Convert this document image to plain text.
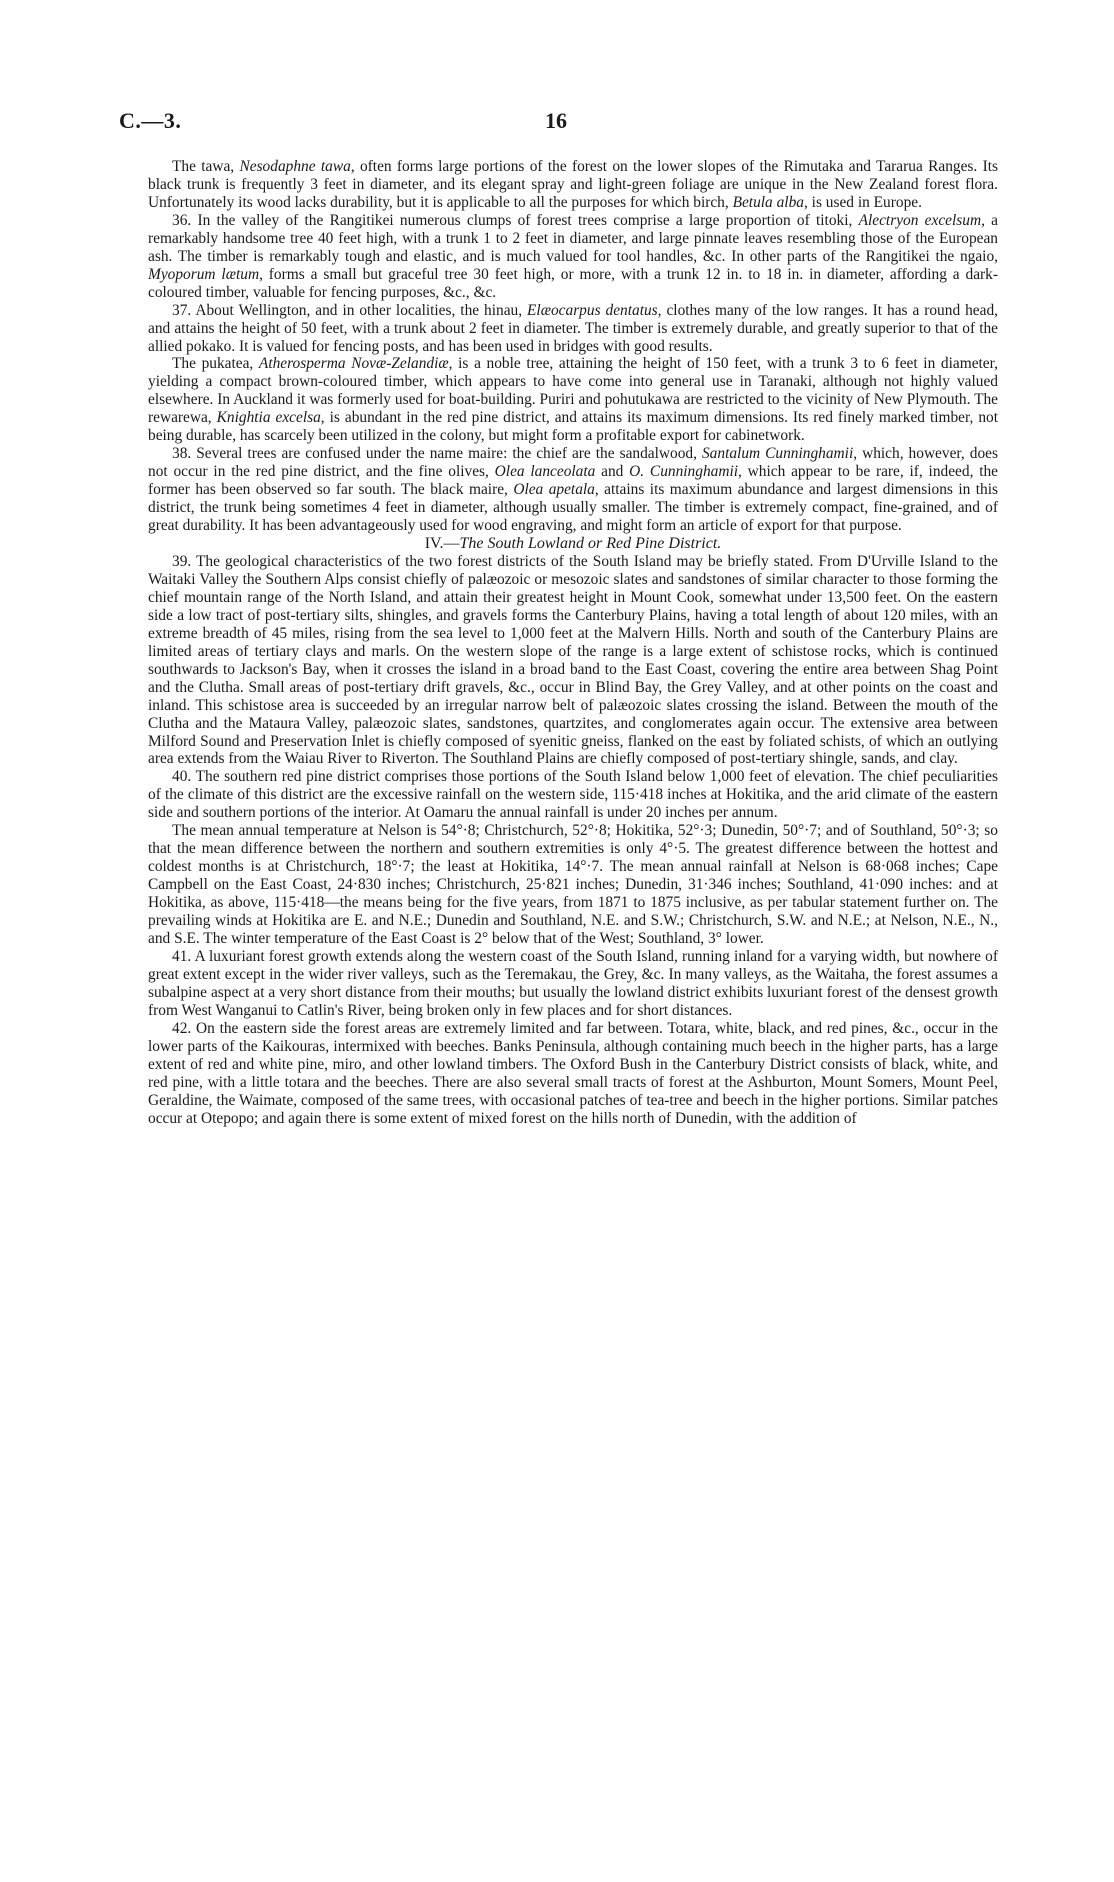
C.—3.	16

The tawa, Nesodaphne tawa, often forms large portions of the forest on the lower slopes of the Rimutaka and Tararua Ranges. Its black trunk is frequently 3 feet in diameter, and its elegant spray and light-green foliage are unique in the New Zealand forest flora. Unfortunately its wood lacks durability, but it is applicable to all the purposes for which birch, Betula alba, is used in Europe.

36. In the valley of the Rangitikei numerous clumps of forest trees comprise a large proportion of titoki, Alectryon excelsum, a remarkably handsome tree 40 feet high, with a trunk 1 to 2 feet in diameter, and large pinnate leaves resembling those of the European ash. The timber is remarkably tough and elastic, and is much valued for tool handles, &c. In other parts of the Rangitikei the ngaio, Myoporum lætum, forms a small but graceful tree 30 feet high, or more, with a trunk 12 in. to 18 in. in diameter, affording a dark-coloured timber, valuable for fencing purposes, &c., &c.

37. About Wellington, and in other localities, the hinau, Elæocarpus dentatus, clothes many of the low ranges. It has a round head, and attains the height of 50 feet, with a trunk about 2 feet in diameter. The timber is extremely durable, and greatly superior to that of the allied pokako. It is valued for fencing posts, and has been used in bridges with good results.

The pukatea, Atherosperma Novæ-Zelandiæ, is a noble tree, attaining the height of 150 feet, with a trunk 3 to 6 feet in diameter, yielding a compact brown-coloured timber, which appears to have come into general use in Taranaki, although not highly valued elsewhere. In Auckland it was formerly used for boat-building. Puriri and pohutukawa are restricted to the vicinity of New Plymouth. The rewarewa, Knightia excelsa, is abundant in the red pine district, and attains its maximum dimensions. Its red finely marked timber, not being durable, has scarcely been utilized in the colony, but might form a profitable export for cabinetwork.

38. Several trees are confused under the name maire: the chief are the sandalwood, Santalum Cunninghamii, which, however, does not occur in the red pine district, and the fine olives, Olea lanceolata and O. Cunninghamii, which appear to be rare, if, indeed, the former has been observed so far south. The black maire, Olea apetala, attains its maximum abundance and largest dimensions in this district, the trunk being sometimes 4 feet in diameter, although usually smaller. The timber is extremely compact, fine-grained, and of great durability. It has been advantageously used for wood engraving, and might form an article of export for that purpose.

IV.—The South Lowland or Red Pine District.

39. The geological characteristics of the two forest districts of the South Island may be briefly stated. From D'Urville Island to the Waitaki Valley the Southern Alps consist chiefly of palæozoic or mesozoic slates and sandstones of similar character to those forming the chief mountain range of the North Island, and attain their greatest height in Mount Cook, somewhat under 13,500 feet. On the eastern side a low tract of post-tertiary silts, shingles, and gravels forms the Canterbury Plains, having a total length of about 120 miles, with an extreme breadth of 45 miles, rising from the sea level to 1,000 feet at the Malvern Hills. North and south of the Canterbury Plains are limited areas of tertiary clays and marls. On the western slope of the range is a large extent of schistose rocks, which is continued southwards to Jackson's Bay, when it crosses the island in a broad band to the East Coast, covering the entire area between Shag Point and the Clutha. Small areas of post-tertiary drift gravels, &c., occur in Blind Bay, the Grey Valley, and at other points on the coast and inland. This schistose area is succeeded by an irregular narrow belt of palæozoic slates crossing the island. Between the mouth of the Clutha and the Mataura Valley, palæozoic slates, sandstones, quartzites, and conglomerates again occur. The extensive area between Milford Sound and Preservation Inlet is chiefly composed of syenitic gneiss, flanked on the east by foliated schists, of which an outlying area extends from the Waiau River to Riverton. The Southland Plains are chiefly composed of post-tertiary shingle, sands, and clay.

40. The southern red pine district comprises those portions of the South Island below 1,000 feet of elevation. The chief peculiarities of the climate of this district are the excessive rainfall on the western side, 115·418 inches at Hokitika, and the arid climate of the eastern side and southern portions of the interior. At Oamaru the annual rainfall is under 20 inches per annum.

The mean annual temperature at Nelson is 54°·8; Christchurch, 52°·8; Hokitika, 52°·3; Dunedin, 50°·7; and of Southland, 50°·3; so that the mean difference between the northern and southern extremities is only 4°·5. The greatest difference between the hottest and coldest months is at Christchurch, 18°·7; the least at Hokitika, 14°·7. The mean annual rainfall at Nelson is 68·068 inches; Cape Campbell on the East Coast, 24·830 inches; Christchurch, 25·821 inches; Dunedin, 31·346 inches; Southland, 41·090 inches: and at Hokitika, as above, 115·418—the means being for the five years, from 1871 to 1875 inclusive, as per tabular statement further on. The prevailing winds at Hokitika are E. and N.E.; Dunedin and Southland, N.E. and S.W.; Christchurch, S.W. and N.E.; at Nelson, N.E., N., and S.E. The winter temperature of the East Coast is 2° below that of the West; Southland, 3° lower.

41. A luxuriant forest growth extends along the western coast of the South Island, running inland for a varying width, but nowhere of great extent except in the wider river valleys, such as the Teremakau, the Grey, &c. In many valleys, as the Waitaha, the forest assumes a subalpine aspect at a very short distance from their mouths; but usually the lowland district exhibits luxuriant forest of the densest growth from West Wanganui to Catlin's River, being broken only in few places and for short distances.

42. On the eastern side the forest areas are extremely limited and far between. Totara, white, black, and red pines, &c., occur in the lower parts of the Kaikouras, intermixed with beeches. Banks Peninsula, although containing much beech in the higher parts, has a large extent of red and white pine, miro, and other lowland timbers. The Oxford Bush in the Canterbury District consists of black, white, and red pine, with a little totara and the beeches. There are also several small tracts of forest at the Ashburton, Mount Somers, Mount Peel, Geraldine, the Waimate, composed of the same trees, with occasional patches of tea-tree and beech in the higher portions. Similar patches occur at Otepopo; and again there is some extent of mixed forest on the hills north of Dunedin, with the addition of
